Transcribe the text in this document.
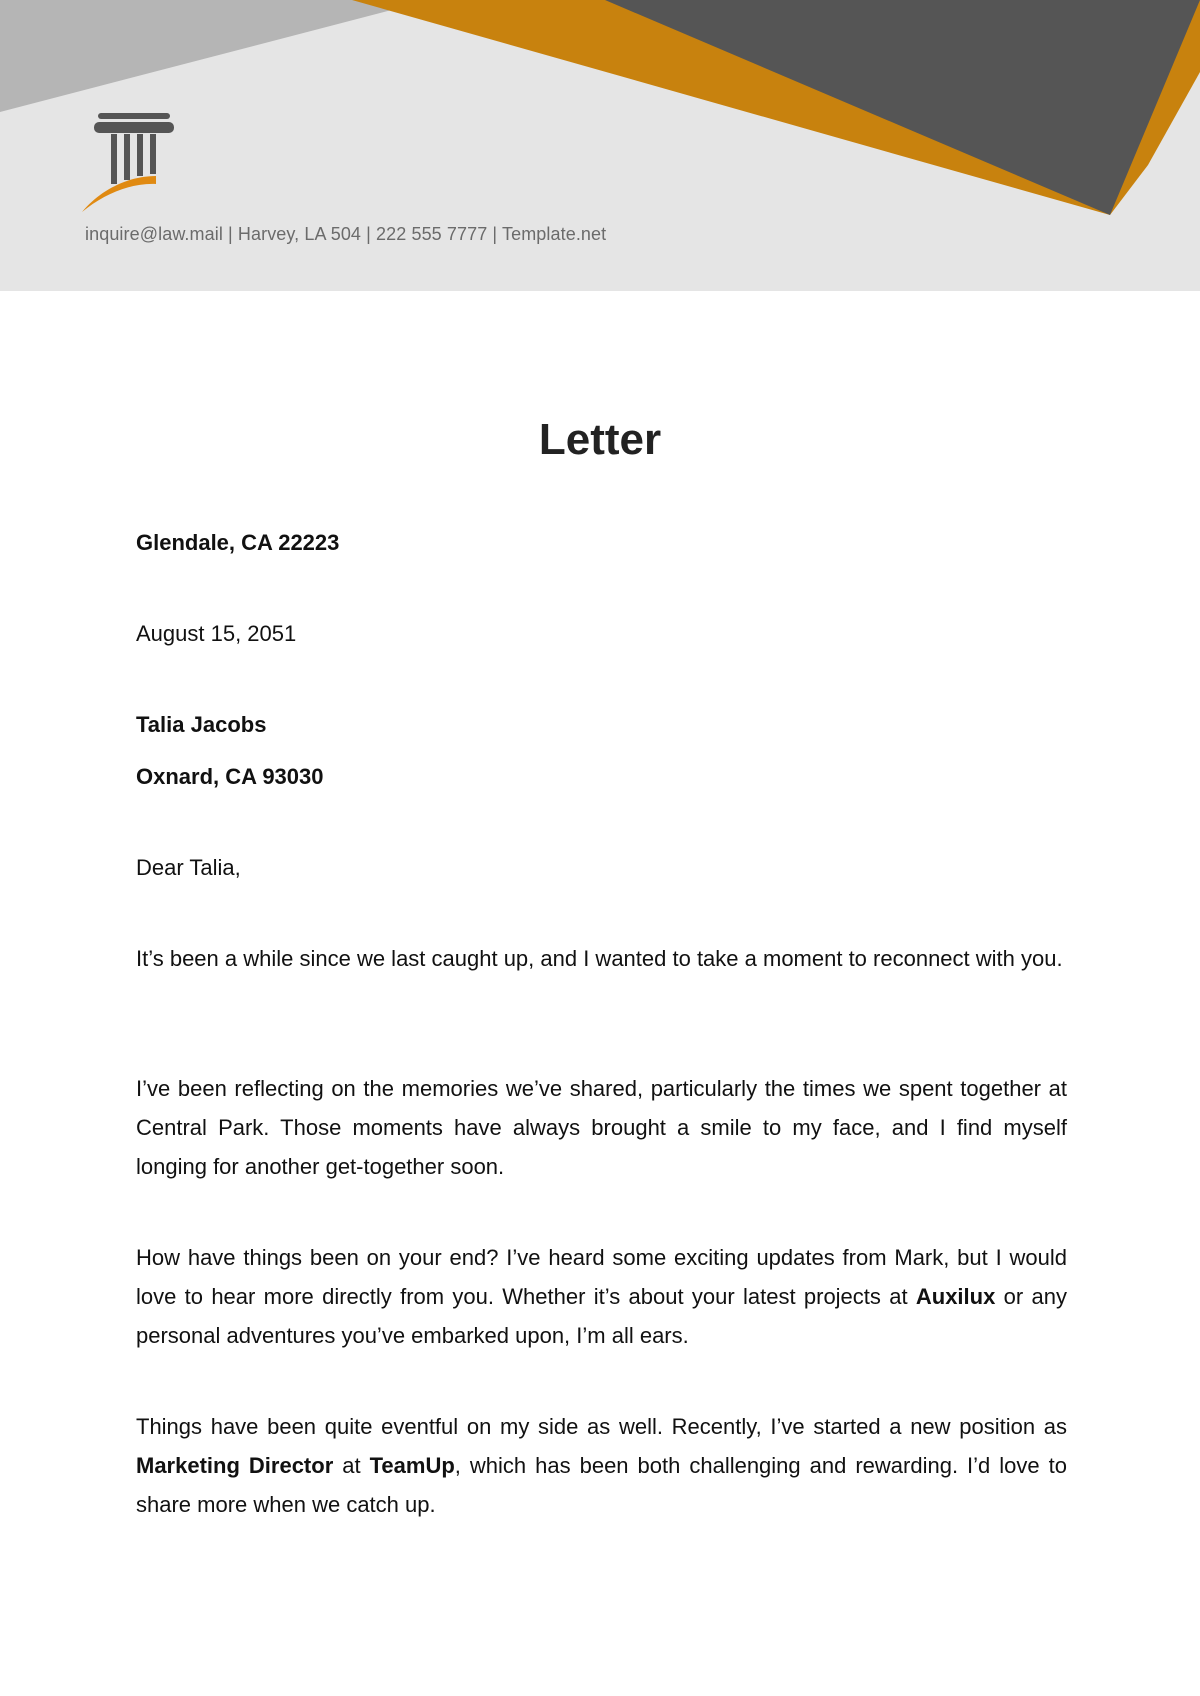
inquire@law.mail | Harvey, LA 504 | 222 555 7777 | Template.net
Letter
Glendale, CA 22223
August 15, 2051
Talia Jacobs
Oxnard, CA 93030
Dear Talia,

It’s been a while since we last caught up, and I wanted to take a moment to reconnect with you.

I’ve been reflecting on the memories we’ve shared, particularly the times we spent together at Central Park. Those moments have always brought a smile to my face, and I find myself longing for another get-together soon.

How have things been on your end? I’ve heard some exciting updates from Mark, but I would love to hear more directly from you. Whether it’s about your latest projects at Auxilux or any personal adventures you’ve embarked upon, I’m all ears.

Things have been quite eventful on my side as well. Recently, I’ve started a new position as Marketing Director at TeamUp, which has been both challenging and rewarding. I’d love to share more when we catch up.
